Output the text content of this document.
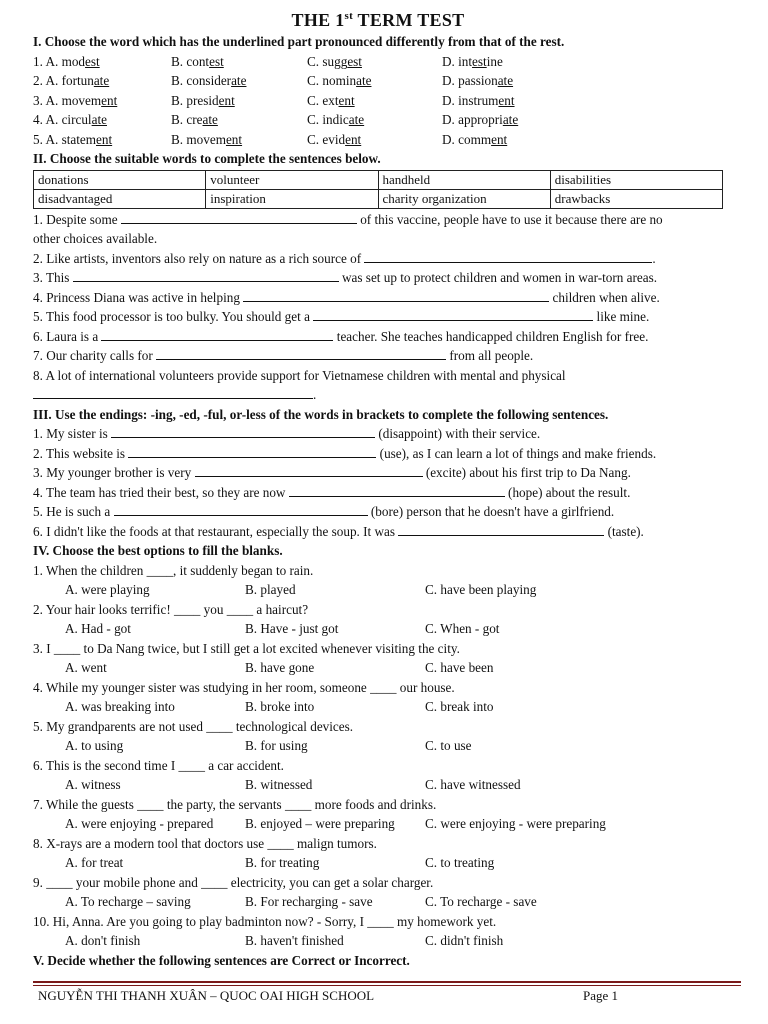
THE 1st TERM TEST
I. Choose the word which has the underlined part pronounced differently from that of the rest.
1. A. modest	B. contest	C. suggest	D. intestine
2. A. fortunate	B. considerate	C. nominate	D. passionate
3. A. movement	B. president	C. extent	D. instrument
4. A. circulate	B. create	C. indicate	D. appropriate
5. A. statement	B. movement	C. evident	D. comment
II. Choose the suitable words to complete the sentences below.
donations	volunteer	handheld	disabilities
disadvantaged	inspiration	charity organization	drawbacks
1. Despite some	of this vaccine, people have to use it because there are no
other choices available.
2. Like artists, inventors also rely on nature as a rich source of	.
3. This	was set up to protect children and women in war-torn areas.
4. Princess Diana was active in helping	children when alive.
5. This food processor is too bulky. You should get a	like mine.
6. Laura is a	teacher. She teaches handicapped children English for free.
7. Our charity calls for	from all people.
8. A lot of international volunteers provide support for Vietnamese children with mental and physical
.
III. Use the endings: -ing, -ed, -ful, or-less of the words in brackets to complete the following sentences.
1. My sister is	(disappoint) with their service.
2. This website is	(use), as I can learn a lot of things and make friends.
3. My younger brother is very	(excite) about his first trip to Da Nang.
4. The team has tried their best, so they are now	(hope) about the result.
5. He is such a	(bore) person that he doesn't have a girlfriend.
6. I didn't like the foods at that restaurant, especially the soup. It was	(taste).
IV. Choose the best options to fill the blanks.
1. When the children ____, it suddenly began to rain.
A. were playing	B. played	C. have been playing
2. Your hair looks terrific! ____ you ____ a haircut?
A. Had - got	B. Have - just got	C. When - got
3. I ____ to Da Nang twice, but I still get a lot excited whenever visiting the city.
A. went	B. have gone	C. have been
4. While my younger sister was studying in her room, someone ____ our house.
A. was breaking into	B. broke into	C. break into
5. My grandparents are not used ____ technological devices.
A. to using	B. for using	C. to use
6. This is the second time I ____ a car accident.
A. witness	B. witnessed	C. have witnessed
7. While the guests ____ the party, the servants ____ more foods and drinks.
A. were enjoying - prepared	B. enjoyed – were preparing	C. were enjoying - were preparing
8. X-rays are a modern tool that doctors use ____ malign tumors.
A. for treat	B. for treating	C. to treating
9. ____ your mobile phone and ____ electricity, you can get a solar charger.
A. To recharge – saving	B. For recharging - save	C. To recharge - save
10. Hi, Anna. Are you going to play badminton now? - Sorry, I ____ my homework yet.
A. don't finish	B. haven't finished	C. didn't finish
V. Decide whether the following sentences are Correct or Incorrect.
NGUYỄN THI THANH XUÂN – QUOC OAI HIGH SCHOOL	Page 1
